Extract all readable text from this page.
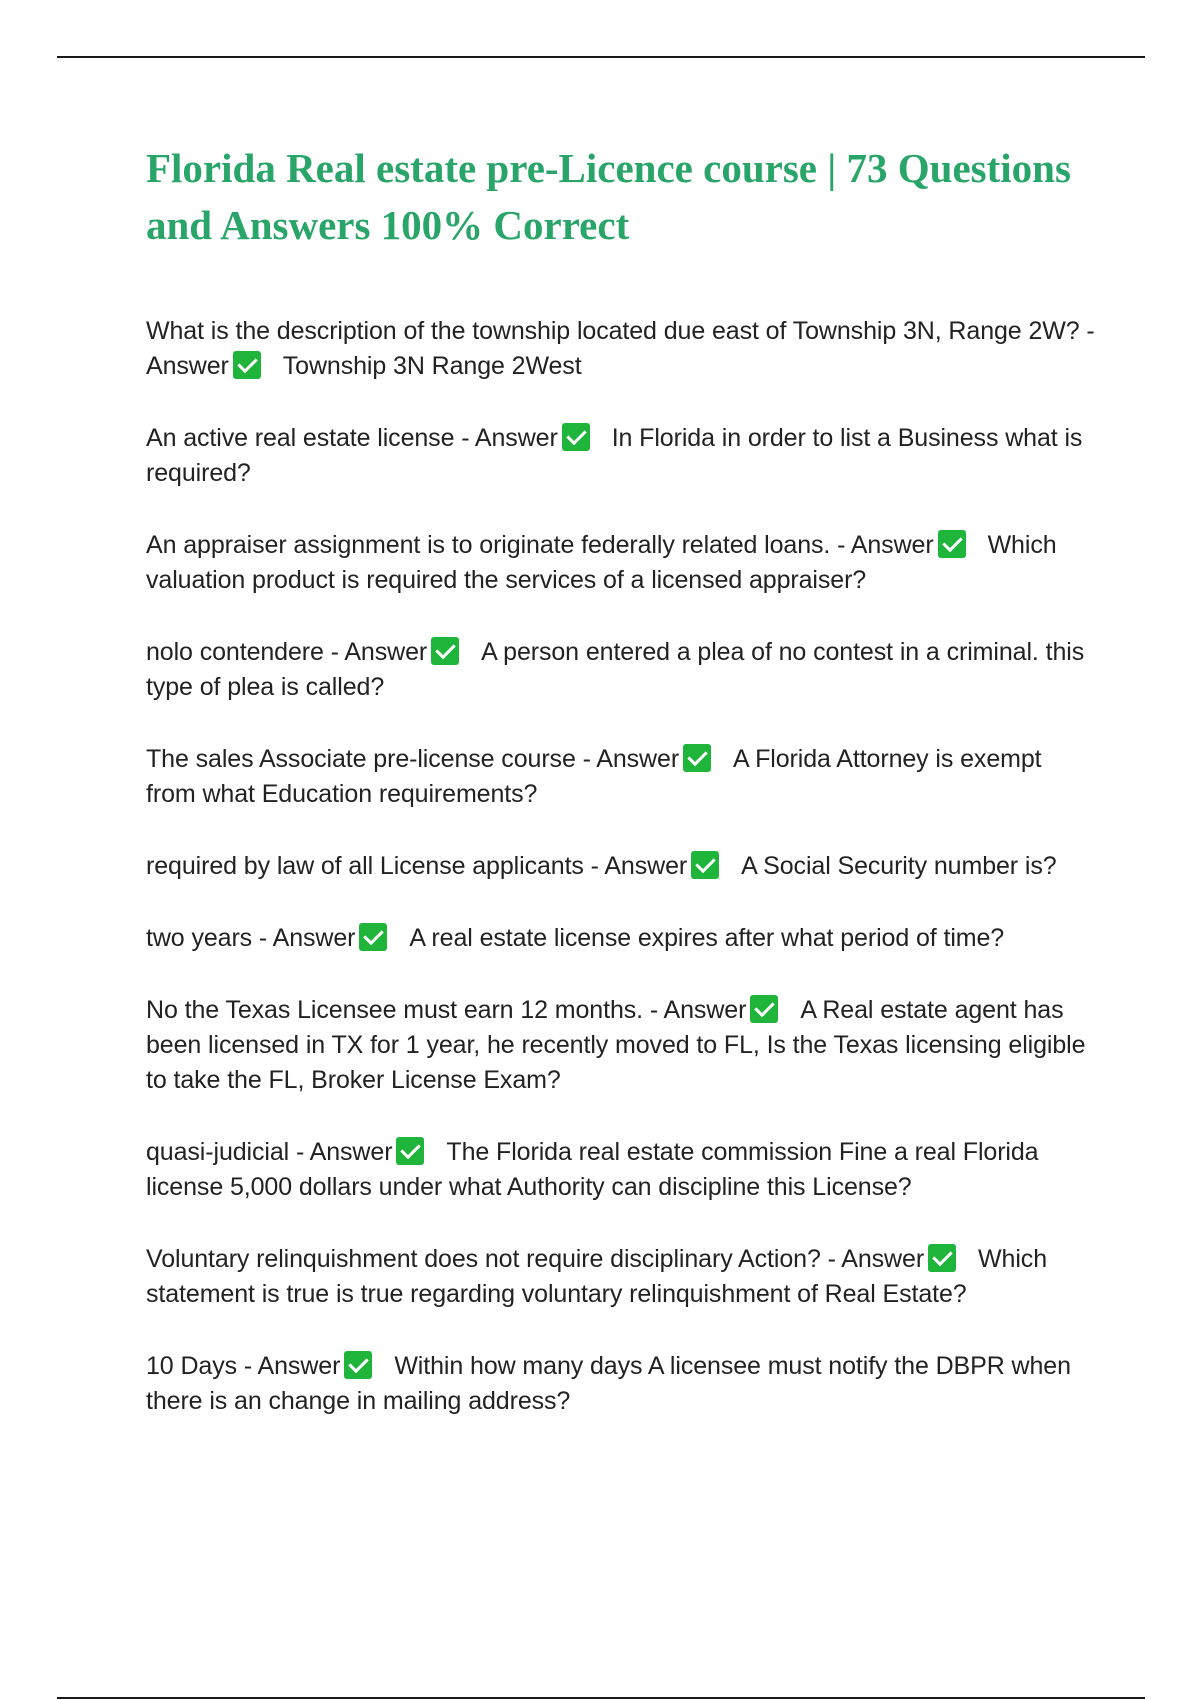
Florida Real estate pre-Licence course | 73 Questions and Answers 100% Correct

What is the description of the township located due east of Township 3N, Range 2W? - Answer Township 3N Range 2West

An active real estate license - Answer In Florida in order to list a Business what is required?

An appraiser assignment is to originate federally related loans. - Answer Which valuation product is required the services of a licensed appraiser?

nolo contendere - Answer A person entered a plea of no contest in a criminal. this type of plea is called?

The sales Associate pre-license course - Answer A Florida Attorney is exempt from what Education requirements?

required by law of all License applicants - Answer A Social Security number is?

two years - Answer A real estate license expires after what period of time?

No the Texas Licensee must earn 12 months. - Answer A Real estate agent has been licensed in TX for 1 year, he recently moved to FL, Is the Texas licensing eligible to take the FL, Broker License Exam?

quasi-judicial - Answer The Florida real estate commission Fine a real Florida license 5,000 dollars under what Authority can discipline this License?

Voluntary relinquishment does not require disciplinary Action? - Answer Which statement is true is true regarding voluntary relinquishment of Real Estate?

10 Days - Answer Within how many days A licensee must notify the DBPR when there is an change in mailing address?
